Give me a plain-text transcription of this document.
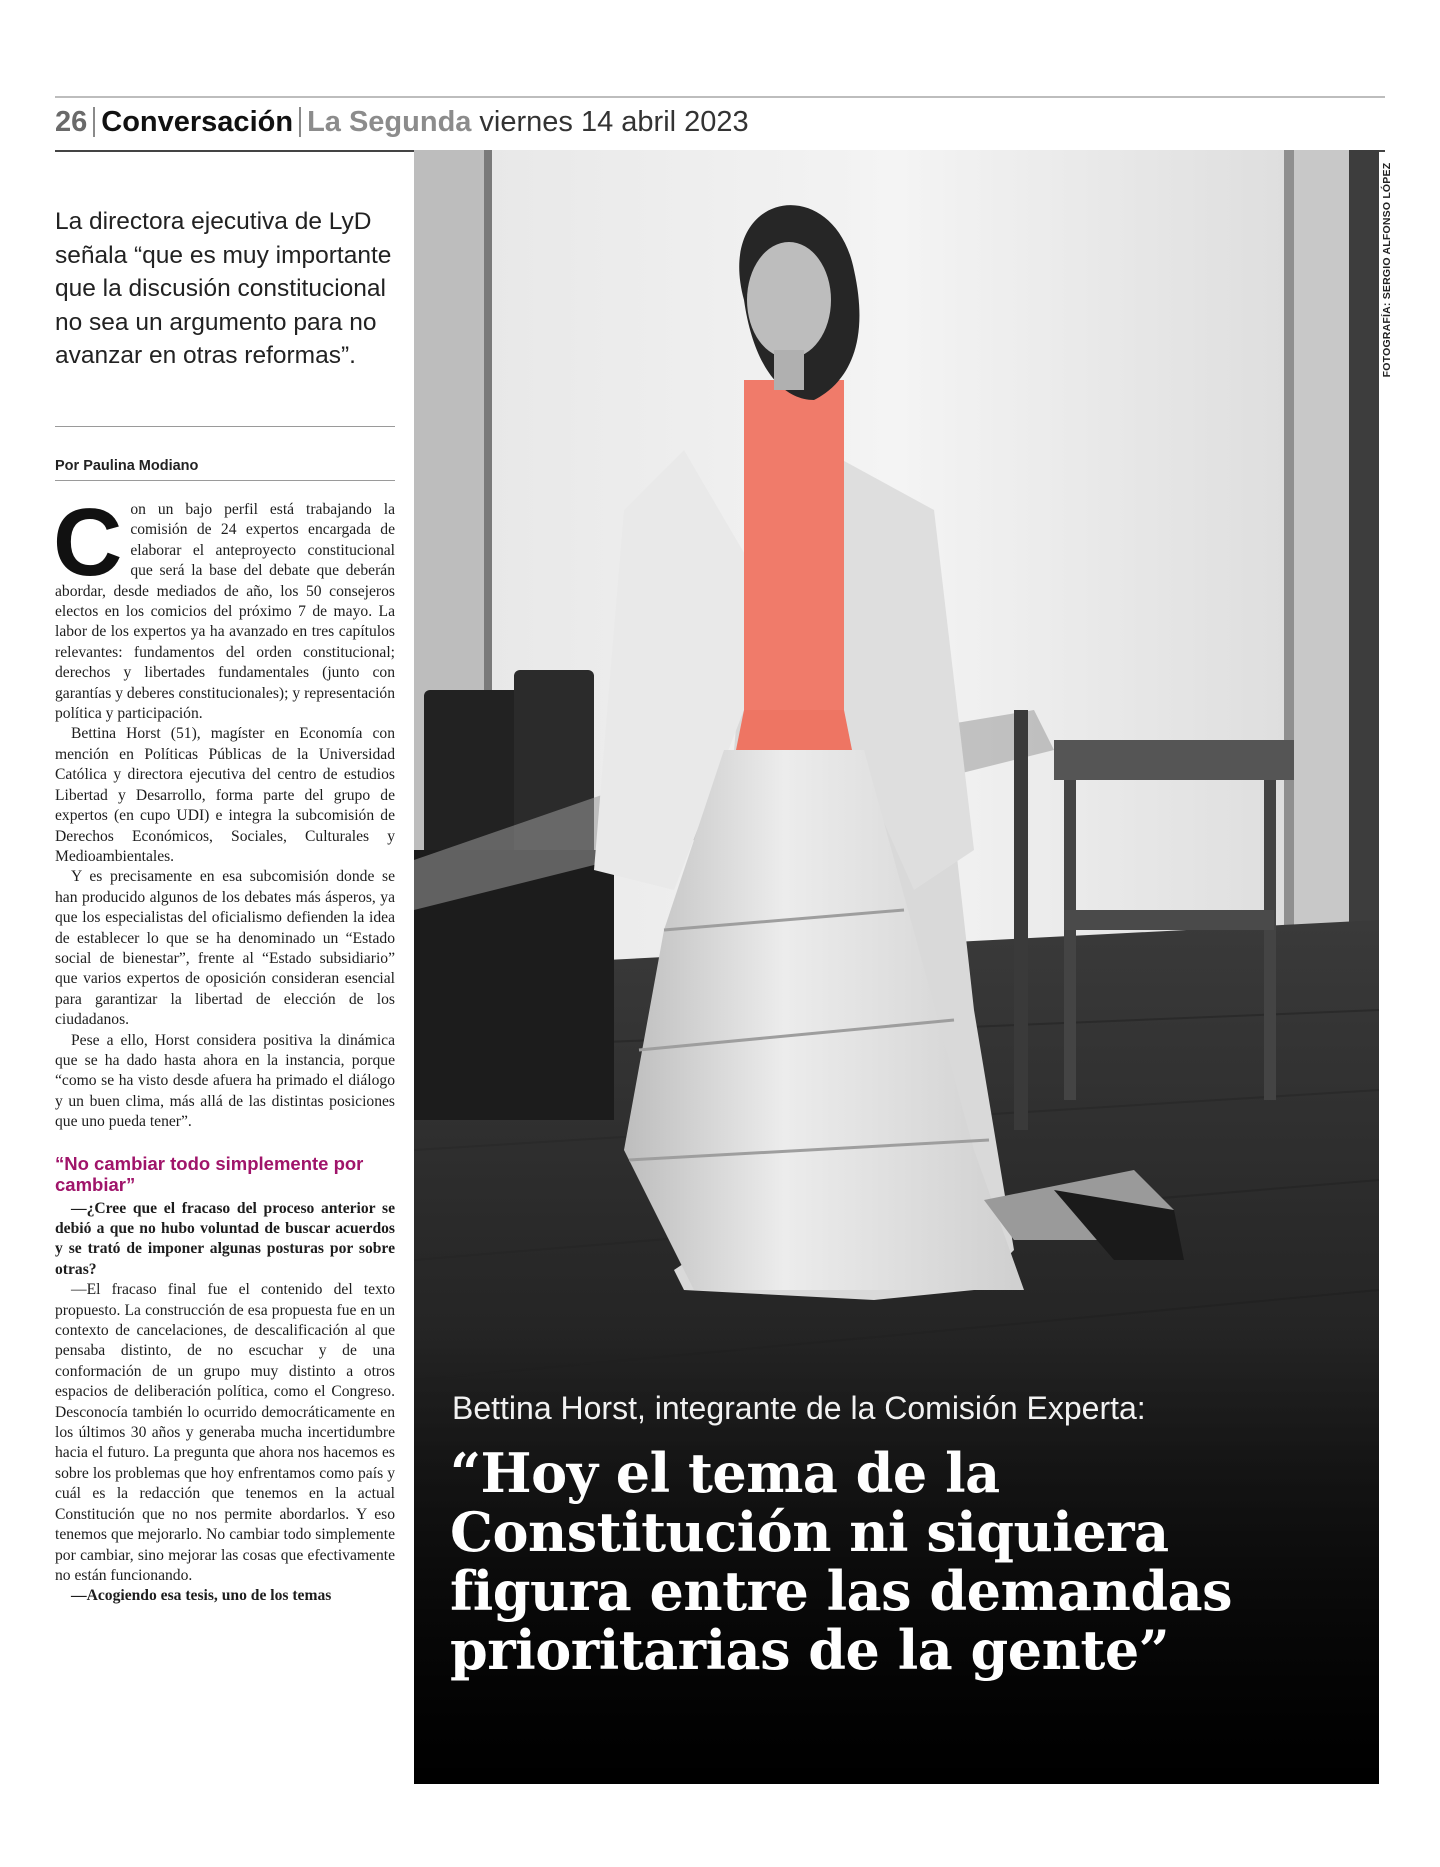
26 Conversación La Segunda viernes 14 abril 2023
La directora ejecutiva de LyD señala “que es muy importante que la discusión constitucional no sea un argumento para no avanzar en otras reformas”.
Por Paulina Modiano

Con un bajo perfil está trabajando la comisión de 24 expertos encargada de elaborar el anteproyecto constitucional que será la base del debate que deberán abordar, desde mediados de año, los 50 consejeros electos en los comicios del próximo 7 de mayo. La labor de los expertos ya ha avanzado en tres capítulos relevantes: fundamentos del orden constitucional; derechos y libertades fundamentales (junto con garantías y deberes constitucionales); y representación política y participación.

Bettina Horst (51), magíster en Economía con mención en Políticas Públicas de la Universidad Católica y directora ejecutiva del centro de estudios Libertad y Desarrollo, forma parte del grupo de expertos (en cupo UDI) e integra la subcomisión de Derechos Económicos, Sociales, Culturales y Medioambientales.

Y es precisamente en esa subcomisión donde se han producido algunos de los debates más ásperos, ya que los especialistas del oficialismo defienden la idea de establecer lo que se ha denominado un “Estado social de bienestar”, frente al “Estado subsidiario” que varios expertos de oposición consideran esencial para garantizar la libertad de elección de los ciudadanos.

Pese a ello, Horst considera positiva la dinámica que se ha dado hasta ahora en la instancia, porque “como se ha visto desde afuera ha primado el diálogo y un buen clima, más allá de las distintas posiciones que uno pueda tener”.

“No cambiar todo simplemente por cambiar”

—¿Cree que el fracaso del proceso anterior se debió a que no hubo voluntad de buscar acuerdos y se trató de imponer algunas posturas por sobre otras?

—El fracaso final fue el contenido del texto propuesto. La construcción de esa propuesta fue en un contexto de cancelaciones, de descalificación al que pensaba distinto, de no escuchar y de una conformación de un grupo muy distinto a otros espacios de deliberación política, como el Congreso. Desconocía también lo ocurrido democráticamente en los últimos 30 años y generaba mucha incertidumbre hacia el futuro. La pregunta que ahora nos hacemos es sobre los problemas que hoy enfrentamos como país y cuál es la redacción que tenemos en la actual Constitución que no nos permite abordarlos. Y eso tenemos que mejorarlo. No cambiar todo simplemente por cambiar, sino mejorar las cosas que efectivamente no están funcionando.

—Acogiendo esa tesis, uno de los temas

FOTOGRAFÍA: SERGIO ALFONSO LÓPEZ
Bettina Horst, integrante de la Comisión Experta:
“Hoy el tema de la Constitución ni siquiera figura entre las demandas prioritarias de la gente”
